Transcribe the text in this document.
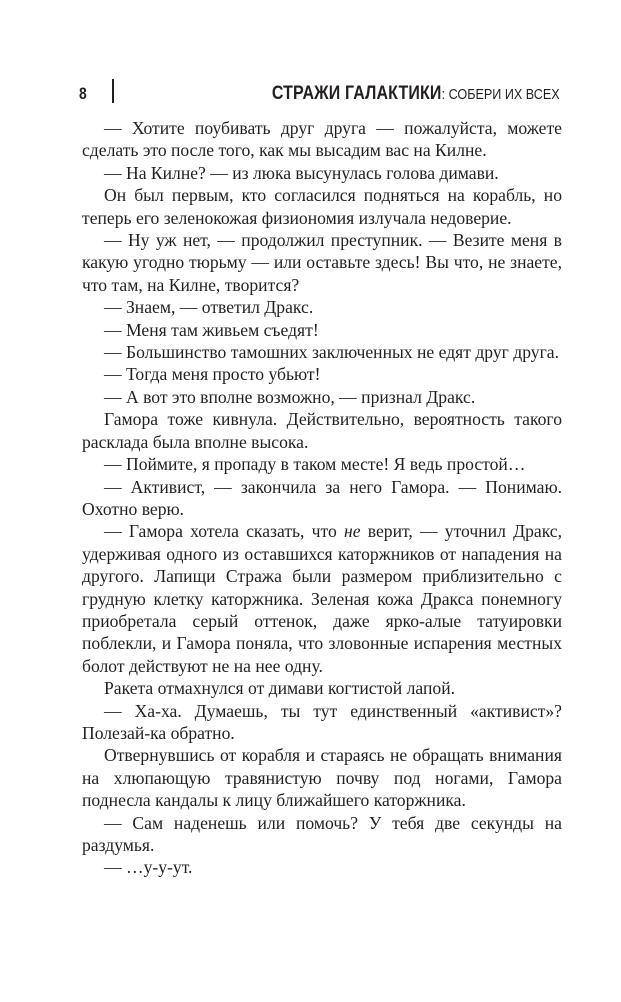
8	СТРАЖИ ГАЛАКТИКИ: СОБЕРИ ИХ ВСЕХ

— Хотите поубивать друг друга — пожалуйста, можете сделать это после того, как мы высадим вас на Килне.

— На Килне? — из люка высунулась голова димави.

Он был первым, кто согласился подняться на корабль, но теперь его зеленокожая физиономия излучала недоверие.

— Ну уж нет, — продолжил преступник. — Везите меня в какую угодно тюрьму — или оставьте здесь! Вы что, не знаете, что там, на Килне, творится?

— Знаем, — ответил Дракс.

— Меня там живьем съедят!

— Большинство тамошних заключенных не едят друг друга.

— Тогда меня просто убьют!

— А вот это вполне возможно, — признал Дракс.

Гамора тоже кивнула. Действительно, вероятность такого расклада была вполне высока.

— Поймите, я пропаду в таком месте! Я ведь простой…

— Активист, — закончила за него Гамора. — Понимаю. Охотно верю.

— Гамора хотела сказать, что не верит, — уточнил Дракс, удерживая одного из оставшихся каторжников от нападения на другого. Лапищи Стража были размером приблизительно с грудную клетку каторжника. Зеленая кожа Дракса понемногу приобретала серый оттенок, даже ярко-алые татуировки поблекли, и Гамора поняла, что зловонные испарения местных болот действуют не на нее одну.

Ракета отмахнулся от димави когтистой лапой.

— Ха-ха. Думаешь, ты тут единственный «активист»? Полезай-ка обратно.

Отвернувшись от корабля и стараясь не обращать внимания на хлюпающую травянистую почву под ногами, Гамора поднесла кандалы к лицу ближайшего каторжника.

— Сам наденешь или помочь? У тебя две секунды на раздумья.

— …у-у-ут.
